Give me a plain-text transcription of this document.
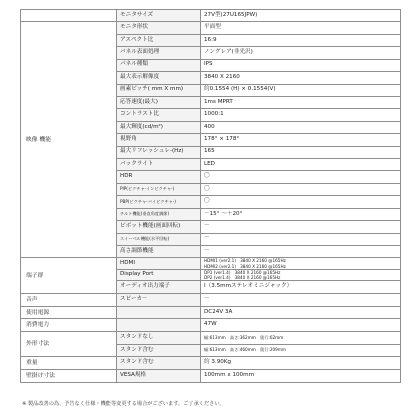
	モニタサイズ	27V型(27U165JPW)
映像 機能	モニタ形状	平面型
	アスペクト比	16:9
	パネル表面処理	ノングレア(非光沢)
	パネル種類	IPS
	最大表示解像度	3840 X 2160
	画素ピッチ( mm X mm)	約0.1554 (H) × 0.1554(V)
	応答速度(最大)	1ms MPRT
	コントラスト比	1000:1
	最大輝度(cd/m²)	400
	視野角	178° × 178°
	最大リフレッシュレ-(Hz)	165
	バックライト	LED
	HDR	〇
	PIP(ピクチャ-インピクチャ-)	〇
	PBP(ピクチャ-バイピクチャ-)	〇
	チルト機能(垂直角度調節)	－15° ～＋20°
	ピボット機能(画面回転)	－
	スイーベル機能(水平回転)	－
	高さ調節機能	－
端子群	HDMI	HDMI1 (ver2.1)　3840 X 2160 @165Hz
HDMI2 (ver2.1)　3840 X 2160 @165Hz

	Display Port	DP1 (ver1.4)　3840 X 2160 @165Hz
DP2 (ver1.4)　3840 X 2160 @165Hz

	オーディオ出力端子	Ⅰ（3.5mmステレオミニジャック）
音声	スピーカ－	－
使用電源		DC24V 3A
消費電力		47W
外形寸法	スタンドなし	幅:613mm　高さ:362mm　奥行:62mm
	スタンド含む	幅:613mm　高さ:460mm　奥行:209mm
重量	スタンド含む	約 3.90Kg
壁掛け寸法	VESA規格	100mm x 100mm
※ 製品改善の為、予告なく仕様・機能等変更する場合がございます。ご了承ください。
